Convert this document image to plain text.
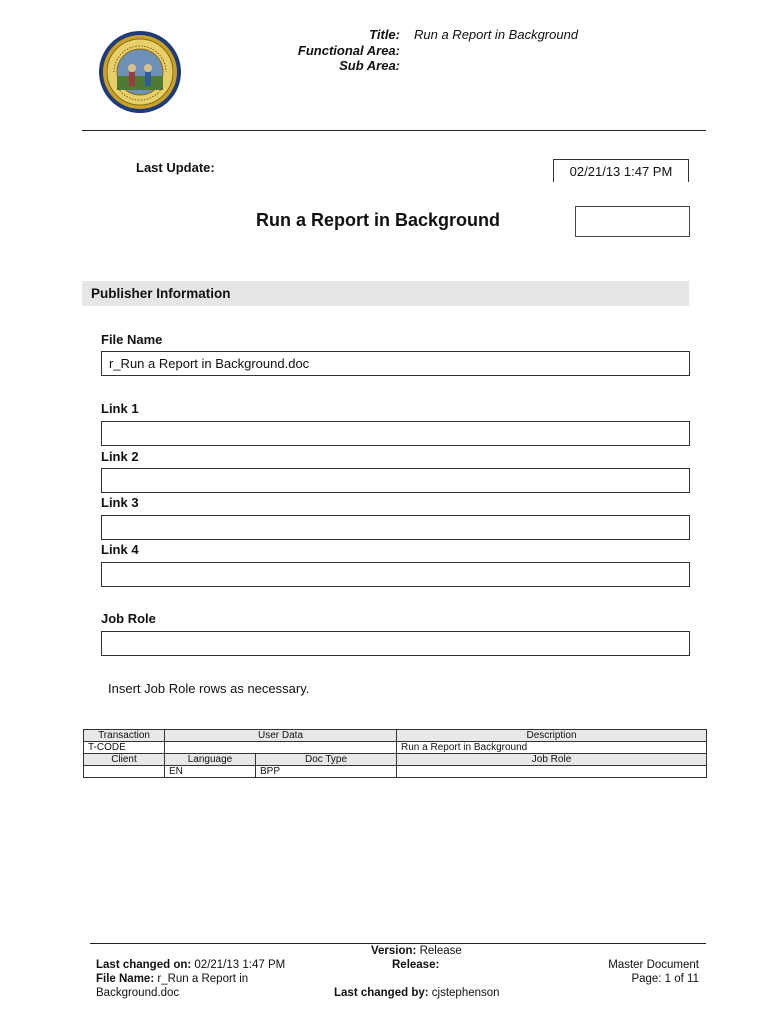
Title: Run a Report in Background
Functional Area:
Sub Area:
Last Update:	02/21/13 1:47 PM
Run a Report in Background
Publisher Information
File Name
r_Run a Report in Background.doc
Link 1
Link 2
Link 3
Link 4
Job Role
Insert Job Role rows as necessary.
Transaction	User Data		Description
T-CODE			Run a Report in Background
Client	Language	Doc Type	Job Role
	EN	BPP	
Version: Release
Release:
Last changed on: 02/21/13 1:47 PM
File Name: r_Run a Report in
Background.doc	Last changed by: cjstephenson
Master Document
Page: 1 of 11
